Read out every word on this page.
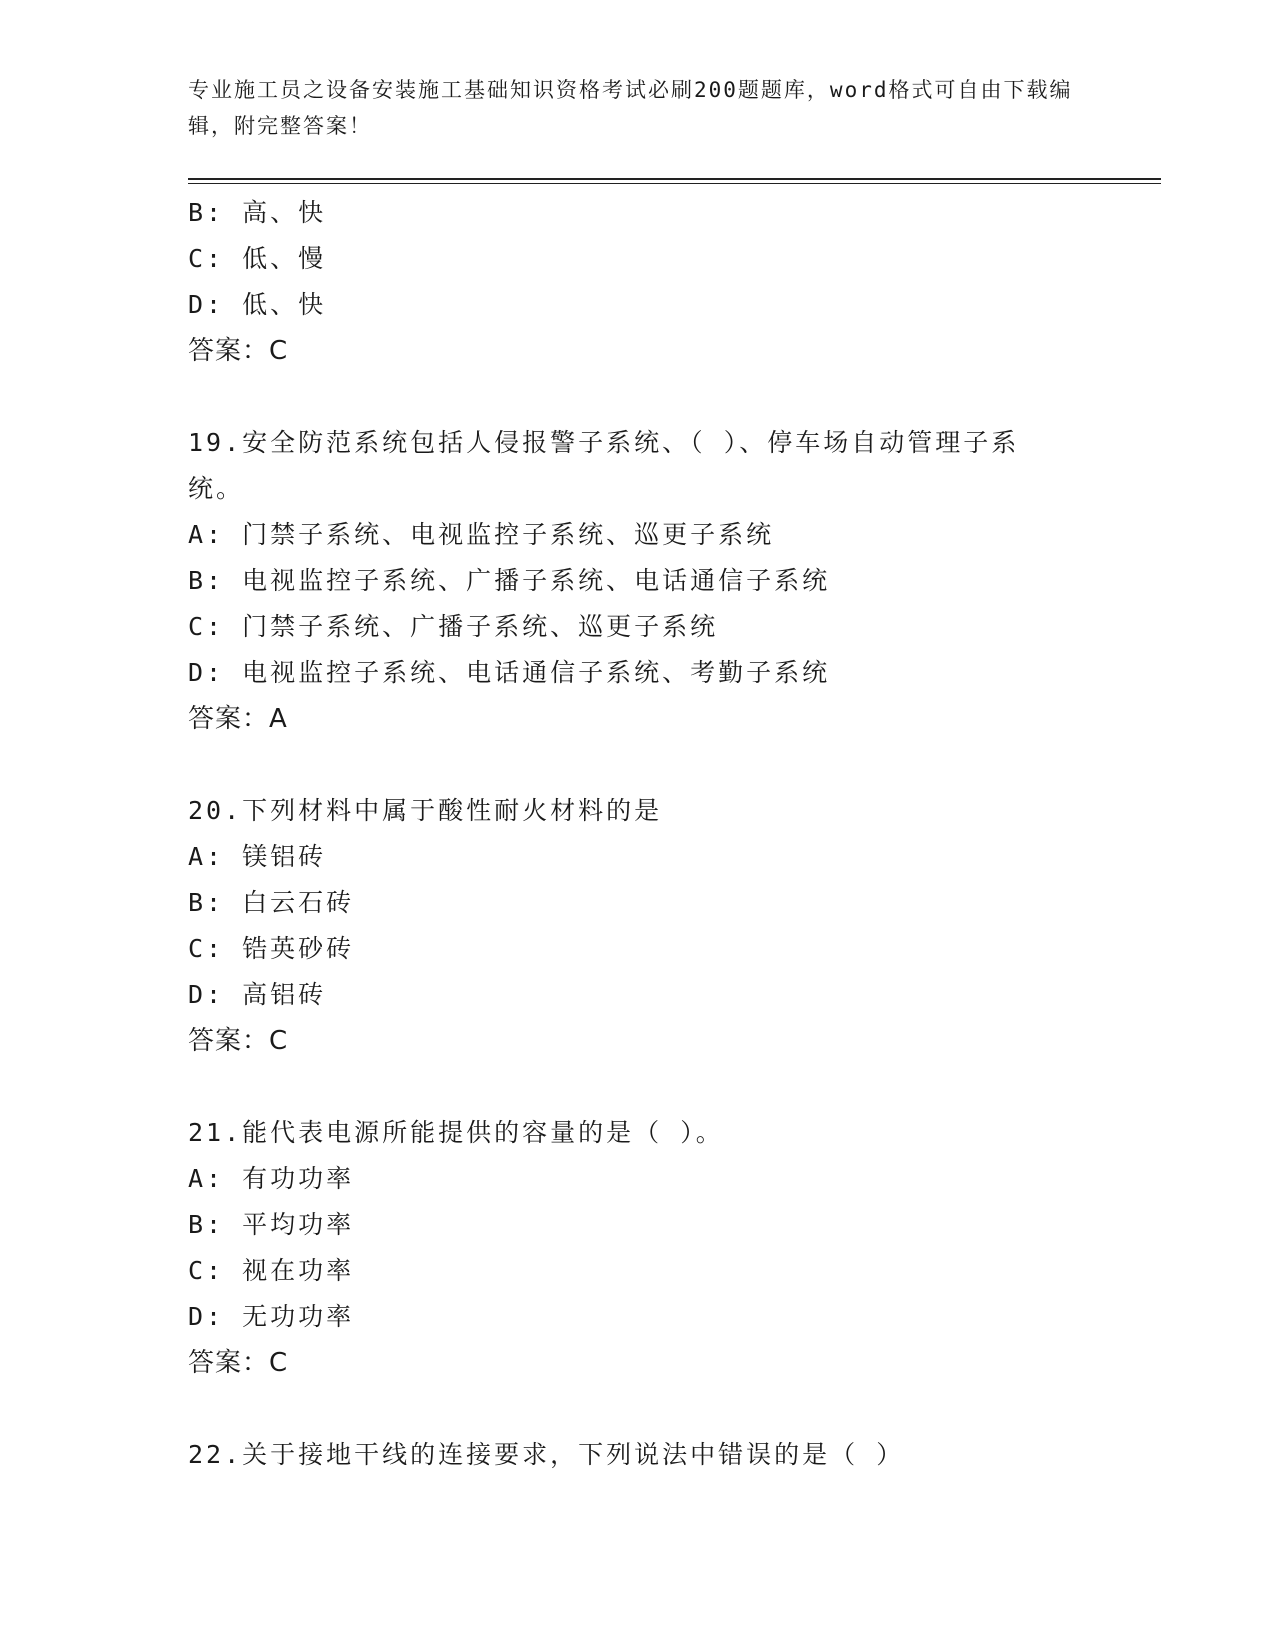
专业施工员之设备安装施工基础知识资格考试必刷200题题库，word格式可自由下载编辑，附完整答案！
B: 高、快
C: 低、慢
D: 低、快
答案：C
19.安全防范系统包括人侵报警子系统、（ ）、停车场自动管理子系统。
A: 门禁子系统、电视监控子系统、巡更子系统
B: 电视监控子系统、广播子系统、电话通信子系统
C: 门禁子系统、广播子系统、巡更子系统
D: 电视监控子系统、电话通信子系统、考勤子系统
答案：A
20.下列材料中属于酸性耐火材料的是
A: 镁铝砖
B: 白云石砖
C: 锆英砂砖
D: 高铝砖
答案：C
21.能代表电源所能提供的容量的是（ ）。
A: 有功功率
B: 平均功率
C: 视在功率
D: 无功功率
答案：C
22.关于接地干线的连接要求，下列说法中错误的是（ ）
